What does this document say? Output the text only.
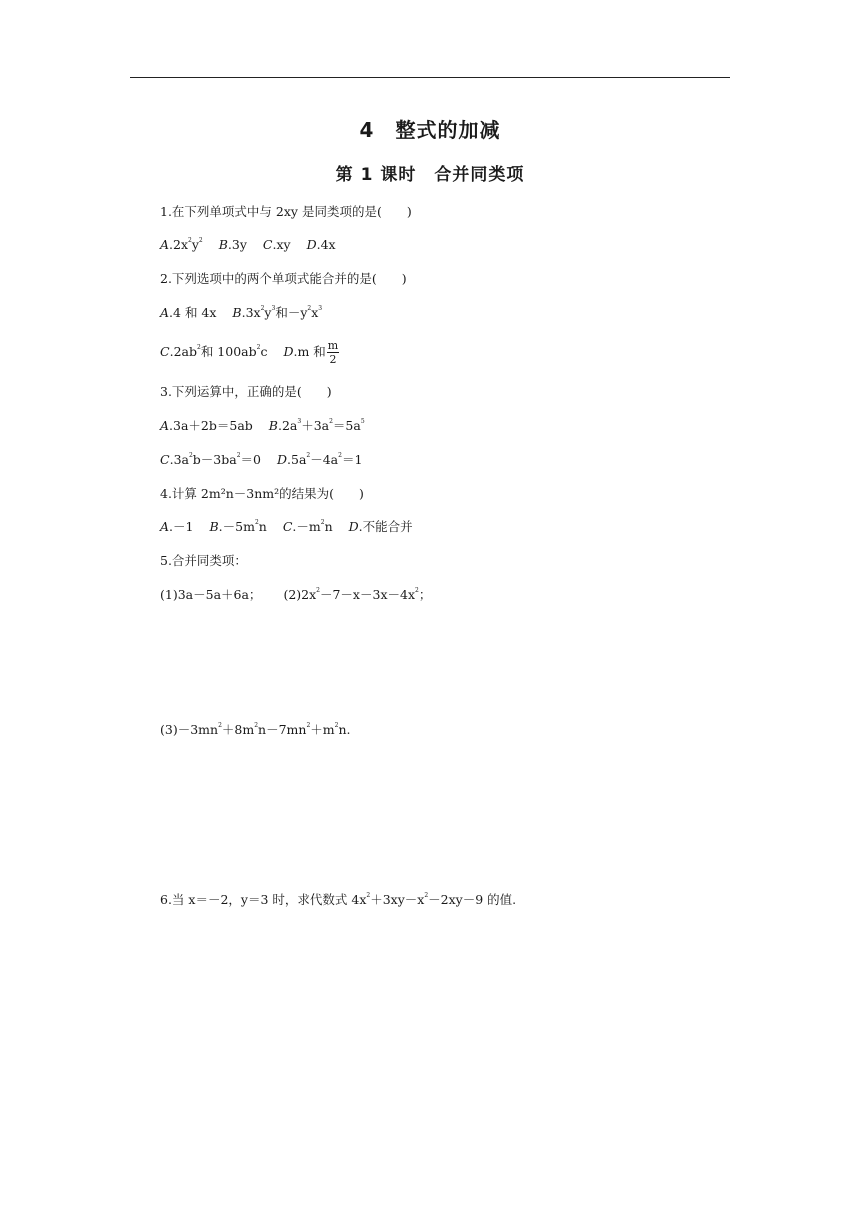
4　整式的加减
第 1 课时　合并同类项
1.在下列单项式中与 2xy 是同类项的是(　　)
$A.2x^2y^2$ B.3y C.xy D.4x
2.下列选项中的两个单项式能合并的是(　　)
A.4 和 4x $B.3x^2y^3$和$-y^2x^3$
$C.2ab^2$和 $100ab^2c$ D.m 和 $\frac{m}{2}$
3.下列运算中，正确的是(　　)
A.3a＋2b＝5ab $B.2a^3+3a^2=5a^5$
$C.3a^2b-3ba^2=0$ $D.5a^2-4a^2=1$
4.计算 2m²n－3nm²的结果为(　　)
A.－1 $B.-5m^2n$ $C.-m^2n$ D.不能合并
5.合并同类项：
(1)3a－5a＋6a； $(2)2x^2-7-x-3x-4x^2$；
$(3)-3mn^2+8m^2n-7mn^2+m^2n$.
6.当 x＝－2，y＝3 时，求代数式 $4x^2+3xy-x^2-2xy-9$ 的值.
